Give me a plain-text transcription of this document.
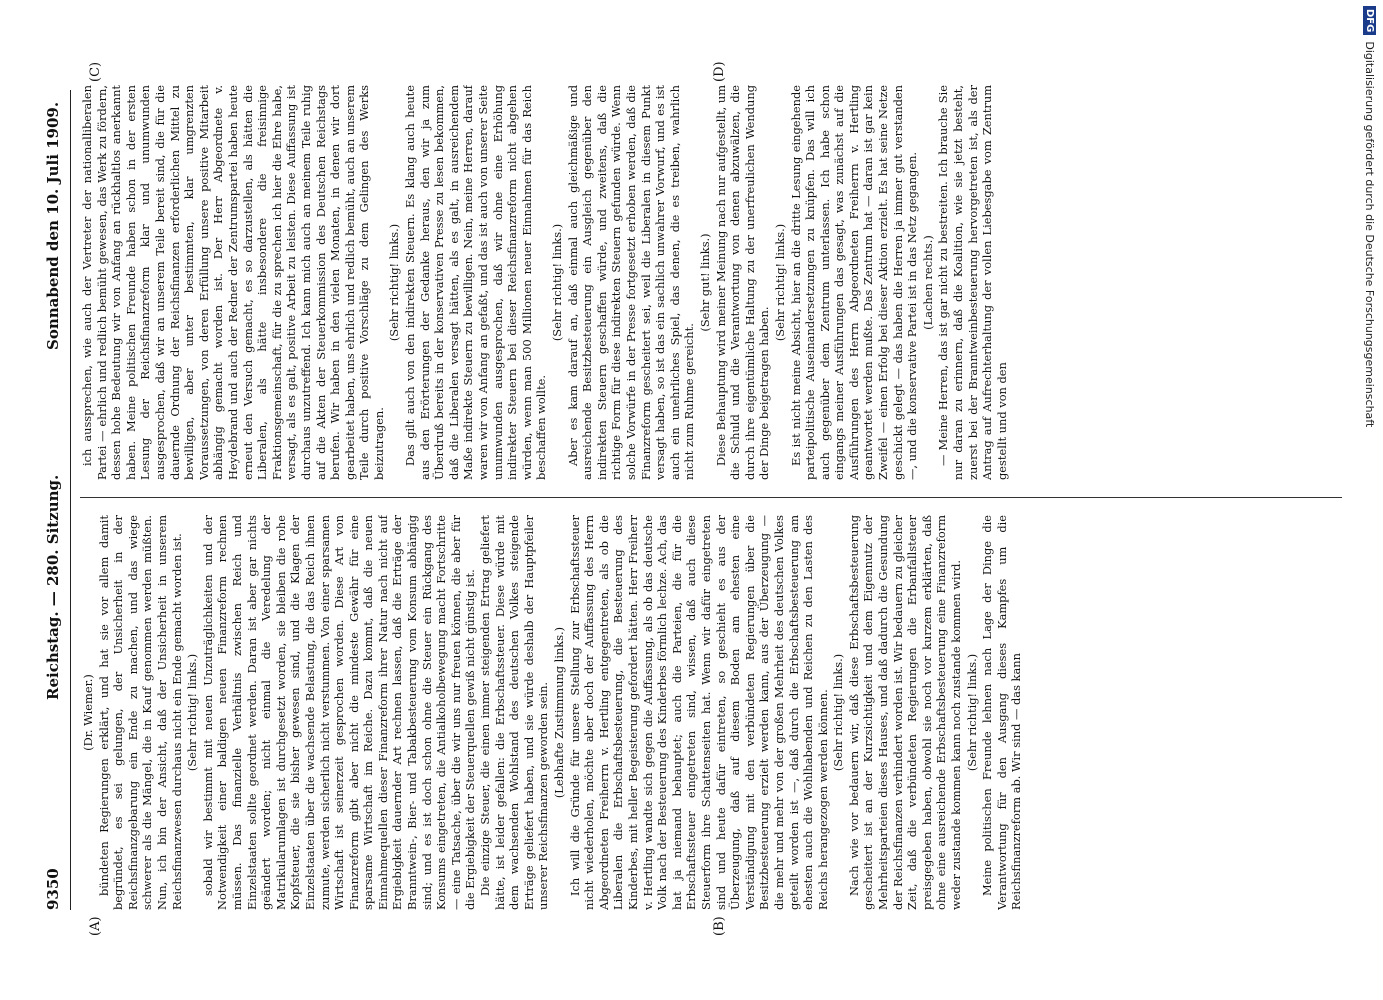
9350
Reichstag. — 280. Sitzung.
Sonnabend den 10. Juli 1909.
(A)	(B)
(C)	(D)

(Dr. Wiemer.) bündeten Regierungen erklärt, und hat sie vor allem damit begründet, es sei gelungen, der Unsicherheit in der Reichsfinanzgebarung ein Ende zu machen, und das wiege schwerer als die Mängel, die in Kauf genommen werden müßten. Nun, ich bin der Ansicht, daß der Unsicherheit in unserem Reichsfinanzwesen durchaus nicht ein Ende gemacht worden ist. (Sehr richtig! links.) sobald wir bestimmt mit neuen Unzuträglichkeiten und der Notwendigkeit einer baldigen neuen Finanzreform rechnen müssen. Das finanzielle Verhältnis zwischen Reich und Einzelstaaten sollte geordnet werden. Daran ist aber gar nichts geändert worden; nicht einmal die Veredelung der Matrikularumlagen ist durchgesetzt worden, sie bleiben die rohe Kopfsteuer, die sie bisher gewesen sind, und die Klagen der Einzelstaaten über die wachsende Belastung, die das Reich ihnen zumute, werden sicherlich nicht verstummen. Von einer sparsamen Wirtschaft ist seinerzeit gesprochen worden. Diese Art von Finanzreform gibt aber nicht die mindeste Gewähr für eine sparsame Wirtschaft im Reiche. Dazu kommt, daß die neuen Einnahmequellen dieser Finanzreform ihrer Natur nach nicht auf Ergiebigkeit dauernder Art rechnen lassen, daß die Erträge der Branntwein-, Bier- und Tabakbesteuerung vom Konsum abhängig sind; und es ist doch schon ohne die Steuer ein Rückgang des Konsums eingetreten, die Antialkoholbewegung macht Fortschritte — eine Tatsache, über die wir uns nur freuen können, die aber für die Ergiebigkeit der Steuerquellen gewiß nicht günstig ist. Die einzige Steuer, die einen immer steigenden Ertrag geliefert hätte, ist leider gefallen: die Erbschaftssteuer. Diese würde mit dem wachsenden Wohlstand des deutschen Volkes steigende Erträge geliefert haben, und sie würde deshalb der Hauptpfeiler unserer Reichsfinanzen geworden sein. (Lebhafte Zustimmung links.) Ich will die Gründe für unsere Stellung zur Erbschaftssteuer nicht wiederholen, möchte aber doch der Auffassung des Herrn Abgeordneten Freiherrn v. Hertling entgegentreten, als ob die Liberalen die Erbschaftsbesteuerung, die Besteuerung des Kinderbes, mit heller Begeisterung gefordert hätten. Herr Freiherr v. Hertling wandte sich gegen die Auffassung, als ob das deutsche Volk nach der Besteuerung des Kinderbes förmlich lechze. Ach, das hat ja niemand behauptet; auch die Parteien, die für die Erbschaftssteuer eingetreten sind, wissen, daß auch diese Steuerform ihre Schattenseiten hat. Wenn wir dafür eingetreten sind und heute dafür eintreten, so geschieht es aus der Überzeugung, daß auf diesem Boden am ehesten eine Verständigung mit den verbündeten Regierungen über die Besitzbesteuerung erzielt werden kann, aus der Überzeugung — die mehr und mehr von der großen Mehrheit des deutschen Volkes geteilt worden ist —, daß durch die Erbschaftsbesteuerung am ehesten auch die Wohlhabenden und Reichen zu den Lasten des Reichs herangezogen werden können. (Sehr richtig! links.) Nach wie vor bedauern wir, daß diese Erbschaftsbesteuerung gescheitert ist an der Kurzsichtigkeit und dem Eigennutz der Mehrheitsparteien dieses Hauses, und daß dadurch die Gesundung der Reichsfinanzen verhindert worden ist. Wir bedauern zu gleicher Zeit, daß die verbündeten Regierungen die Erbanfallsteuer preisgegeben haben, obwohl sie noch vor kurzem erklärten, daß ohne eine ausreichende Erbschaftsbesteuerung eine Finanzreform weder zustande kommen kann noch zustande kommen wird. (Sehr richtig! links.) Meine politischen Freunde lehnen nach Lage der Dinge die Verantwortung für den Ausgang dieses Kampfes um die Reichsfinanzreform ab. Wir sind — das kann

ich aussprechen, wie auch der Vertreter der nationalliberalen Partei — ehrlich und redlich bemüht gewesen, das Werk zu fördern, dessen hohe Bedeutung wir von Anfang an rückhaltlos anerkannt haben. Meine politischen Freunde haben schon in der ersten Lesung der Reichsfinanzreform klar und unumwunden ausgesprochen, daß wir an unserem Teile bereit sind, die für die dauernde Ordnung der Reichsfinanzen erforderlichen Mittel zu bewilligen, aber unter bestimmten, klar umgrenzten Voraussetzungen, von deren Erfüllung unsere positive Mitarbeit abhängig gemacht worden ist. Der Herr Abgeordnete v. Heydebrand und auch der Redner der Zentrumspartei haben heute erneut den Versuch gemacht, es so darzustellen, als hätten die Liberalen, als hätte insbesondere die freisinnige Fraktionsgemeinschaft, für die zu sprechen ich hier die Ehre habe, versagt, als es galt, positive Arbeit zu leisten. Diese Auffassung ist durchaus unzutreffend. Ich kann mich auch an meinem Teile ruhig auf die Akten der Steuerkommission des Deutschen Reichstags berufen. Wir haben in den vielen Monaten, in denen wir dort gearbeitet haben, uns ehrlich und redlich bemüht, auch an unserem Teile durch positive Vorschläge zu dem Gelingen des Werks beizutragen.

(Sehr richtig! links.) Das gilt auch von den indirekten Steuern. Es klang auch heute aus den Erörterungen der Gedanke heraus, den wir ja zum Überdruß bereits in der konservativen Presse zu lesen bekommen, daß die Liberalen versagt hätten, als es galt, in ausreichendem Maße indirekte Steuern zu bewilligen. Nein, meine Herren, darauf waren wir von Anfang an gefaßt, und das ist auch von unserer Seite unumwunden ausgesprochen, daß wir ohne eine Erhöhung indirekter Steuern bei dieser Reichsfinanzreform nicht abgehen würden, wenn man 500 Millionen neuer Einnahmen für das Reich beschaffen wollte.

(Sehr richtig! links.) Aber es kam darauf an, daß einmal auch gleichmäßige und ausreichende Besitzbesteuerung ein Ausgleich gegenüber den indirekten Steuern geschaffen würde, und zweitens, daß die richtige Form für diese indirekten Steuern gefunden würde. Wenn solche Vorwürfe in der Presse fortgesetzt erhoben werden, daß die Finanzreform gescheitert sei, weil die Liberalen in diesem Punkt versagt haben, so ist das ein sachlich unwahrer Vorwurf, und es ist auch ein unehrliches Spiel, das denen, die es treiben, wahrlich nicht zum Ruhme gereicht.

(Sehr gut! links.) Diese Behauptung wird meiner Meinung nach nur aufgestellt, um die Schuld und die Verantwortung von denen abzuwälzen, die durch ihre eigentümliche Haltung zu der unerfreulichen Wendung der Dinge beigetragen haben.

(Sehr richtig! links.) Es ist nicht meine Absicht, hier an die dritte Lesung eingehende parteipolitische Auseinandersetzungen zu knüpfen. Das will ich auch gegenüber dem Zentrum unterlassen. Ich habe schon eingangs meiner Ausführungen das gesagt, was zunächst auf die Ausführungen des Herrn Abgeordneten Freiherrn v. Hertling geantwortet werden mußte. Das Zentrum hat — daran ist gar kein Zweifel — einen Erfolg bei dieser Aktion erzielt. Es hat seine Netze geschickt gelegt — das haben die Herren ja immer gut verstanden —, und die konservative Partei ist in das Netz gegangen. (Lachen rechts.) — Meine Herren, das ist gar nicht zu bestreiten. Ich brauche Sie nur daran zu erinnern, daß die Koalition, wie sie jetzt besteht, zuerst bei der Branntweinbesteuerung hervorgetreten ist, als der Antrag auf Aufrechterhaltung der vollen Liebesgabe vom Zentrum gestellt und von den

DFG
Digitalisierung gefördert durch die Deutsche Forschungsgemeinschaft
